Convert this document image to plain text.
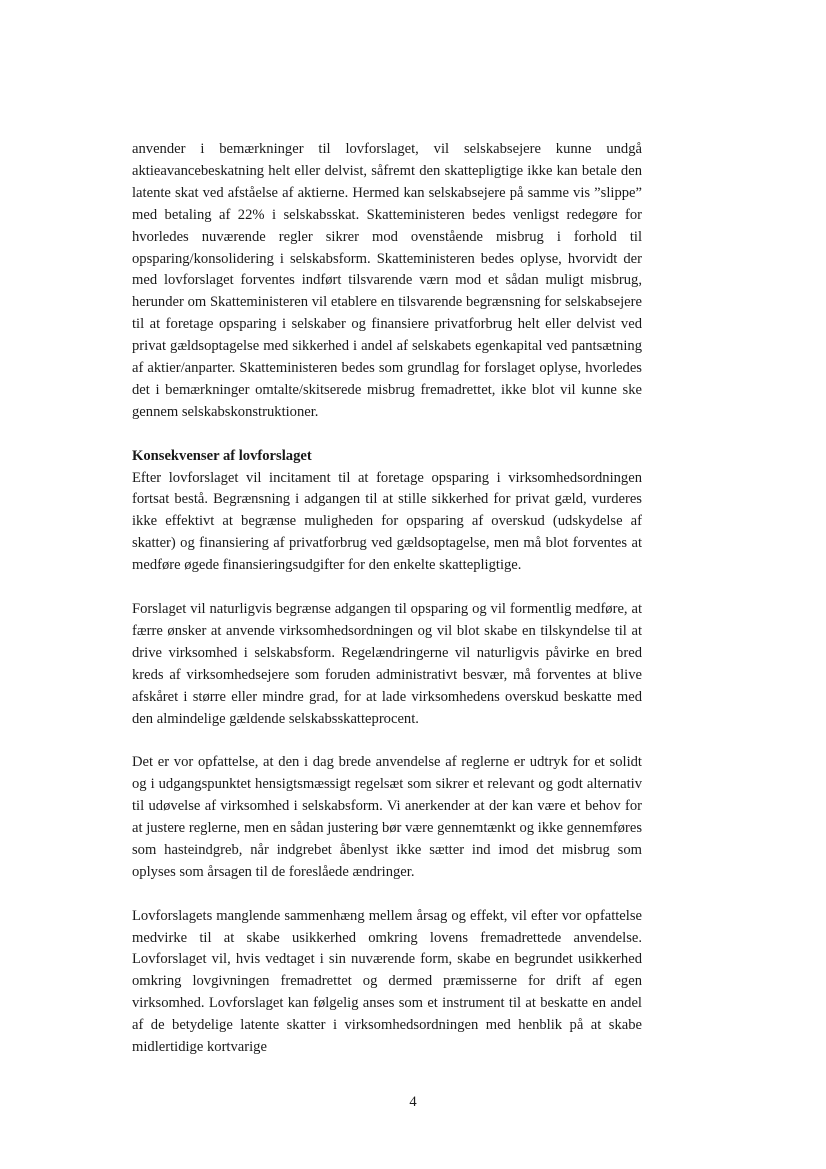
anvender i bemærkninger til lovforslaget, vil selskabsejere kunne undgå aktieavancebeskatning helt eller delvist, såfremt den skattepligtige ikke kan betale den latente skat ved afståelse af aktierne. Hermed kan selskabsejere på samme vis ”slippe” med betaling af 22% i selskabsskat. Skatteministeren bedes venligst redegøre for hvorledes nuværende regler sikrer mod ovenstående misbrug i forhold til opsparing/konsolidering i selskabsform. Skatteministeren bedes oplyse, hvorvidt der med lovforslaget forventes indført tilsvarende værn mod et sådan muligt misbrug, herunder om Skatteministeren vil etablere en tilsvarende begrænsning for selskabsejere til at foretage opsparing i selskaber og finansiere privatforbrug helt eller delvist ved privat gældsoptagelse med sikkerhed i andel af selskabets egenkapital ved pantsætning af aktier/anparter. Skatteministeren bedes som grundlag for forslaget oplyse, hvorledes det i bemærkninger omtalte/skitserede misbrug fremadrettet, ikke blot vil kunne ske gennem selskabskonstruktioner.

Konsekvenser af lovforslaget

Efter lovforslaget vil incitament til at foretage opsparing i virksomhedsordningen fortsat bestå. Begrænsning i adgangen til at stille sikkerhed for privat gæld, vurderes ikke effektivt at begrænse muligheden for opsparing af overskud (udskydelse af skatter) og finansiering af privatforbrug ved gældsoptagelse, men må blot forventes at medføre øgede finansieringsudgifter for den enkelte skattepligtige.

Forslaget vil naturligvis begrænse adgangen til opsparing og vil formentlig medføre, at færre ønsker at anvende virksomhedsordningen og vil blot skabe en tilskyndelse til at drive virksomhed i selskabsform. Regelændringerne vil naturligvis påvirke en bred kreds af virksomhedsejere som foruden administrativt besvær, må forventes at blive afskåret i større eller mindre grad, for at lade virksomhedens overskud beskatte med den almindelige gældende selskabsskatteprocent.

Det er vor opfattelse, at den i dag brede anvendelse af reglerne er udtryk for et solidt og i udgangspunktet hensigtsmæssigt regelsæt som sikrer et relevant og godt alternativ til udøvelse af virksomhed i selskabsform. Vi anerkender at der kan være et behov for at justere reglerne, men en sådan justering bør være gennemtænkt og ikke gennemføres som hasteindgreb, når indgrebet åbenlyst ikke sætter ind imod det misbrug som oplyses som årsagen til de foreslåede ændringer.

Lovforslagets manglende sammenhæng mellem årsag og effekt, vil efter vor opfattelse medvirke til at skabe usikkerhed omkring lovens fremadrettede anvendelse. Lovforslaget vil, hvis vedtaget i sin nuværende form, skabe en begrundet usikkerhed omkring lovgivningen fremadrettet og dermed præmisserne for drift af egen virksomhed. Lovforslaget kan følgelig anses som et instrument til at beskatte en andel af de betydelige latente skatter i virksomhedsordningen med henblik på at skabe midlertidige kortvarige

4
